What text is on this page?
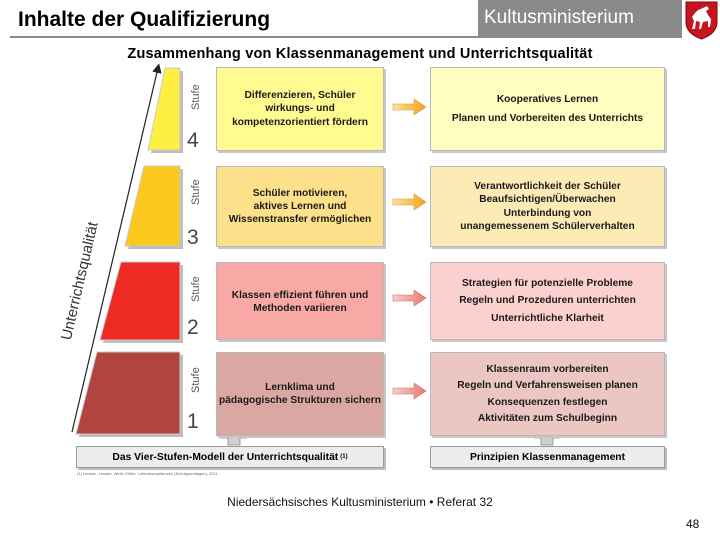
Inhalte der Qualifizierung	Kultusministerium
Zusammenhang von Klassenmanagement und Unterrichtsqualität
Unterrichtsqualität
Stufe
Stufe
Stufe
Stufe
4
3
2
1
Differenzieren, Schüler
wirkungs- und
kompetenzorientiert fördern
Schüler motivieren,
aktives Lernen und
Wissenstransfer ermöglichen
Klassen effizient führen und
Methoden variieren
Lernklima und
pädagogische Strukturen sichern
Kooperatives Lernen
Planen und Vorbereiten des Unterrichts
Verantwortlichkeit der Schüler
Beaufsichtigen/Überwachen
Unterbindung von
unangemessenem Schülerverhalten
Strategien für potenzielle Probleme
Regeln und Prozeduren unterrichten
Unterrichtliche Klarheit
Klassenraum vorbereiten
Regeln und Verfahrensweisen planen
Konsequenzen festlegen
Aktivitäten zum Schulbeginn
Das Vier-Stufen-Modell der Unterrichtsqualität (1)	Prinzipien Klassenmanagement
(1) Leutner, Lenske, Wirth, Köller, Lehrerkompetenzen (Schulgrundlagen), 2011
Niedersächsisches Kultusministerium • Referat 32
48
